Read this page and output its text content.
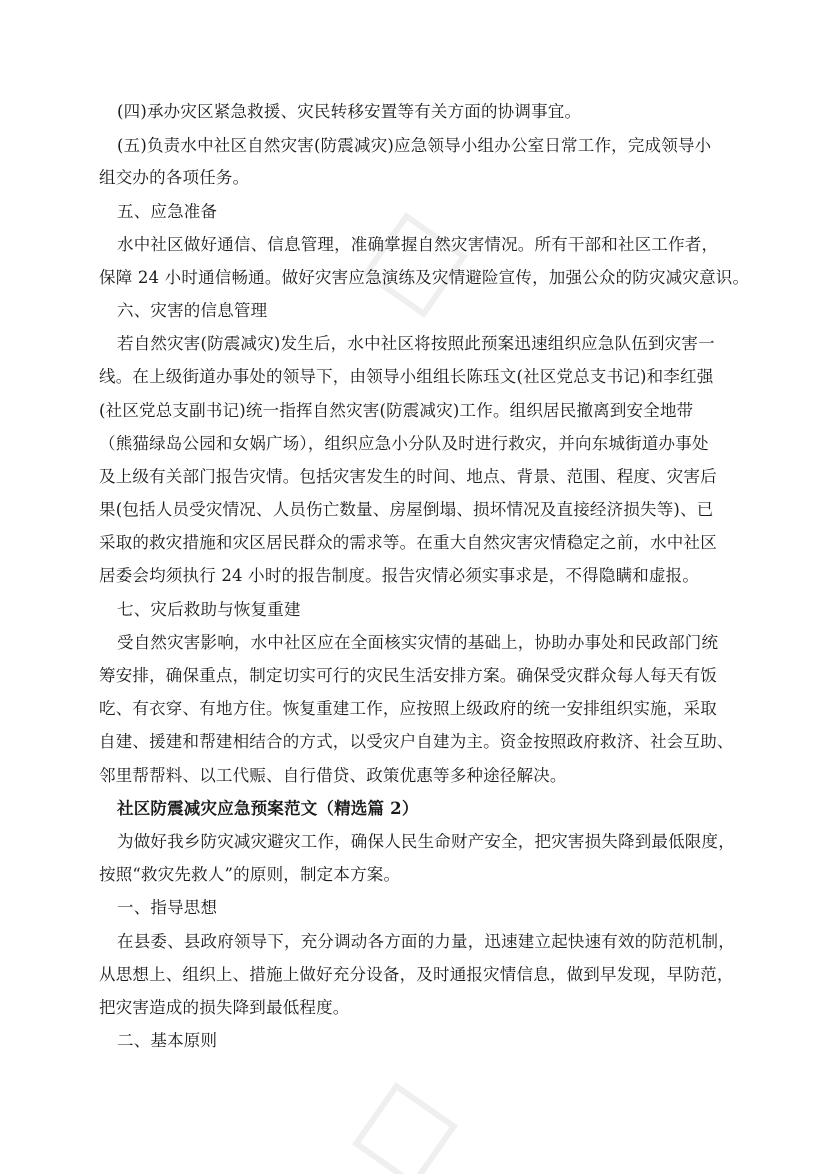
(四)承办灾区紧急救援、灾民转移安置等有关方面的协调事宜。
(五)负责水中社区自然灾害(防震减灾)应急领导小组办公室日常工作，完成领导小
组交办的各项任务。
五、应急准备
水中社区做好通信、信息管理，准确掌握自然灾害情况。所有干部和社区工作者，
保障 24 小时通信畅通。做好灾害应急演练及灾情避险宣传，加强公众的防灾减灾意识。
六、灾害的信息管理
若自然灾害(防震减灾)发生后，水中社区将按照此预案迅速组织应急队伍到灾害一
线。在上级街道办事处的领导下，由领导小组组长陈珏文(社区党总支书记)和李红强
(社区党总支副书记)统一指挥自然灾害(防震减灾)工作。组织居民撤离到安全地带
（熊猫绿岛公园和女娲广场），组织应急小分队及时进行救灾，并向东城街道办事处
及上级有关部门报告灾情。包括灾害发生的时间、地点、背景、范围、程度、灾害后
果(包括人员受灾情况、人员伤亡数量、房屋倒塌、损坏情况及直接经济损失等)、已
采取的救灾措施和灾区居民群众的需求等。在重大自然灾害灾情稳定之前，水中社区
居委会均须执行 24 小时的报告制度。报告灾情必须实事求是，不得隐瞒和虚报。
七、灾后救助与恢复重建
受自然灾害影响，水中社区应在全面核实灾情的基础上，协助办事处和民政部门统
筹安排，确保重点，制定切实可行的灾民生活安排方案。确保受灾群众每人每天有饭
吃、有衣穿、有地方住。恢复重建工作，应按照上级政府的统一安排组织实施，采取
自建、援建和帮建相结合的方式，以受灾户自建为主。资金按照政府救济、社会互助、
邻里帮帮料、以工代赈、自行借贷、政策优惠等多种途径解决。
社区防震减灾应急预案范文（精选篇 2）
为做好我乡防灾减灾避灾工作，确保人民生命财产安全，把灾害损失降到最低限度，
按照“救灾先救人”的原则，制定本方案。
一、指导思想
在县委、县政府领导下，充分调动各方面的力量，迅速建立起快速有效的防范机制，
从思想上、组织上、措施上做好充分设备，及时通报灾情信息，做到早发现，早防范，
把灾害造成的损失降到最低程度。
二、基本原则
